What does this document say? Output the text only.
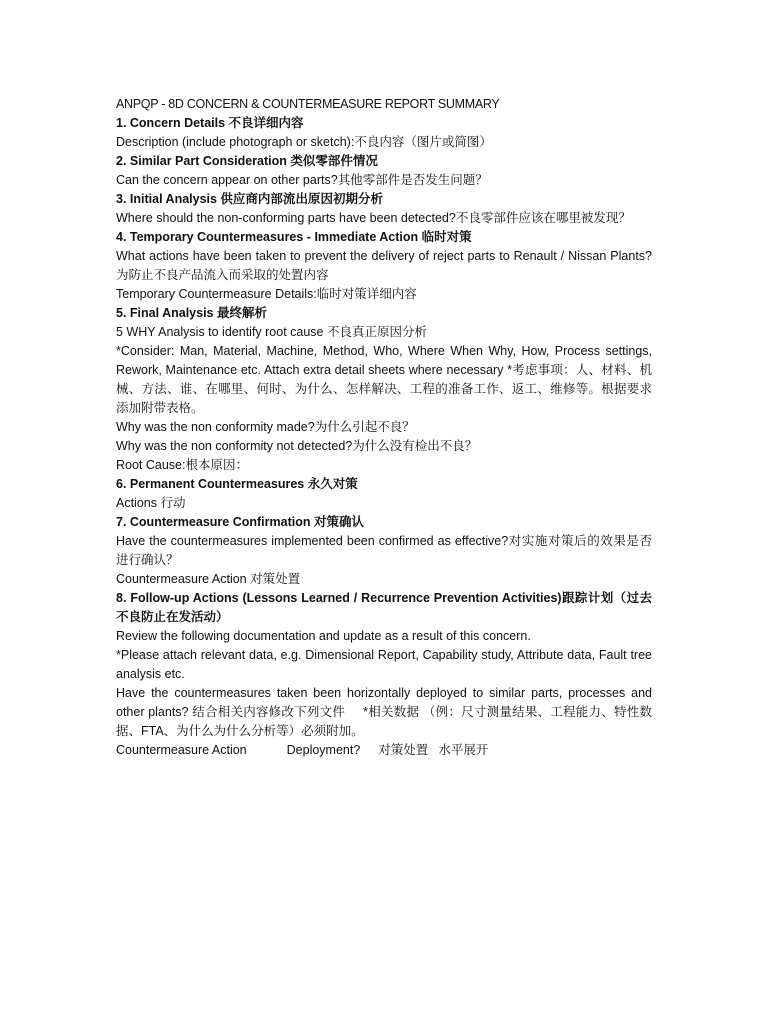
ANPQP - 8D CONCERN & COUNTERMEASURE REPORT SUMMARY
1. Concern Details 不良详细内容
Description (include photograph or sketch):不良内容（图片或简图）
2. Similar Part Consideration 类似零部件情况
Can the concern appear on other parts?其他零部件是否发生问题？
3. Initial Analysis 供应商内部流出原因初期分析
Where should the non-conforming parts have been detected?不良零部件应该在哪里被发现？
4. Temporary Countermeasures - Immediate Action 临时对策
What actions have been taken to prevent the delivery of reject parts to Renault / Nissan Plants?为防止不良产品流入而采取的处置内容
Temporary Countermeasure Details:临时对策详细内容
5. Final Analysis 最终解析
5 WHY Analysis to identify root cause 不良真正原因分析
*Consider: Man, Material, Machine, Method, Who, Where When Why, How, Process settings, Rework, Maintenance etc. Attach extra detail sheets where necessary *考虑事项：人、材料、机械、方法、谁、在哪里、何时、为什么、怎样解决、工程的准备工作、返工、维修等。根据要求添加附带表格。
Why was the non conformity made?为什么引起不良？
Why was the non conformity not detected?为什么没有检出不良？
Root Cause:根本原因：
6. Permanent Countermeasures 永久对策
Actions 行动
7. Countermeasure Confirmation 对策确认
Have the countermeasures implemented been confirmed as effective?对实施对策后的效果是否进行确认？
Countermeasure Action 对策处置
8. Follow-up Actions (Lessons Learned / Recurrence Prevention Activities)跟踪计划（过去不良防止在发活动）
Review the following documentation and update as a result of this concern.
*Please attach relevant data, e.g. Dimensional Report, Capability study, Attribute data, Fault tree analysis etc.
Have the countermeasures taken been horizontally deployed to similar parts, processes and other plants? 结合相关内容修改下列文件 *相关数据 （例：尺寸测量结果、工程能力、特性数据、FTA、为什么为什么分析等）必须附加。
Countermeasure Action	Deployment? 对策处置 水平展开
